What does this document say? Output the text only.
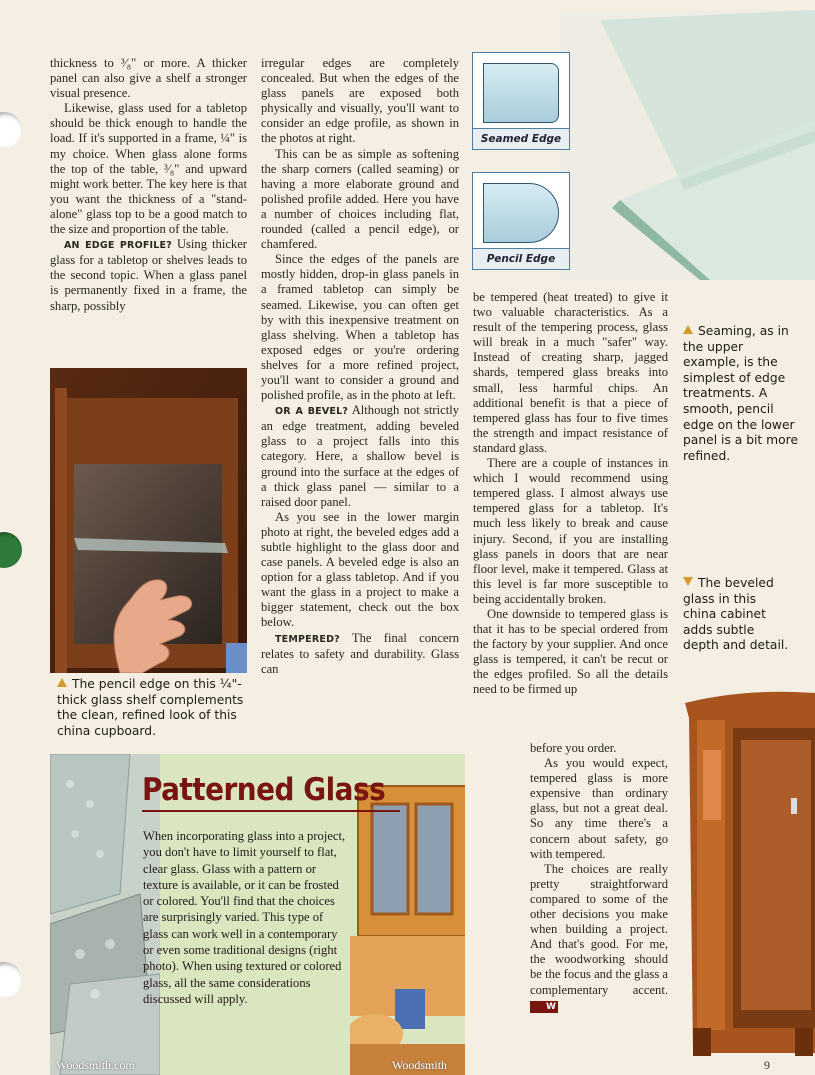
thickness to ³⁄₈" or more. A thicker panel can also give a shelf a stronger visual presence.

Likewise, glass used for a tabletop should be thick enough to handle the load. If it's supported in a frame, ¼" is my choice. When glass alone forms the top of the table, ³⁄₈" and upward might work better. The key here is that you want the thickness of a "stand-alone" glass top to be a good match to the size and proportion of the table.

AN EDGE PROFILE? Using thicker glass for a tabletop or shelves leads to the second topic. When a glass panel is permanently fixed in a frame, the sharp, possibly

The pencil edge on this ¼"-thick glass shelf complements the clean, refined look of this china cupboard.

irregular edges are completely concealed. But when the edges of the glass panels are exposed both physically and visually, you'll want to consider an edge profile, as shown in the photos at right.

This can be as simple as softening the sharp corners (called seaming) or having a more elaborate ground and polished profile added. Here you have a number of choices including flat, rounded (called a pencil edge), or chamfered.

Since the edges of the panels are mostly hidden, drop-in glass panels in a framed tabletop can simply be seamed. Likewise, you can often get by with this inexpensive treatment on glass shelving. When a tabletop has exposed edges or you're ordering shelves for a more refined project, you'll want to consider a ground and polished profile, as in the photo at left.

OR A BEVEL? Although not strictly an edge treatment, adding beveled glass to a project falls into this category. Here, a shallow bevel is ground into the surface at the edges of a thick glass panel — similar to a raised door panel.

As you see in the lower margin photo at right, the beveled edges add a subtle highlight to the glass door and case panels. A beveled edge is also an option for a glass tabletop. And if you want the glass in a project to make a bigger statement, check out the box below.

TEMPERED? The final concern relates to safety and durability. Glass can

Seamed Edge
Pencil Edge

be tempered (heat treated) to give it two valuable characteristics. As a result of the tempering process, glass will break in a much "safer" way. Instead of creating sharp, jagged shards, tempered glass breaks into small, less harmful chips. An additional benefit is that a piece of tempered glass has four to five times the strength and impact resistance of standard glass.

There are a couple of instances in which I would recommend using tempered glass. I almost always use tempered glass for a tabletop. It's much less likely to break and cause injury. Second, if you are installing glass panels in doors that are near floor level, make it tempered. Glass at this level is far more susceptible to being accidentally broken.

One downside to tempered glass is that it has to be special ordered from the factory by your supplier. And once glass is tempered, it can't be recut or the edges profiled. So all the details need to be firmed up

before you order.

As you would expect, tempered glass is more expensive than ordinary glass, but not a great deal. So any time there's a concern about safety, go with tempered.

The choices are really pretty straightforward compared to some of the other decisions you make when building a project. And that's good. For me, the woodworking should be the focus and the glass a complementary accent. W

Seaming, as in the upper example, is the simplest of edge treatments. A smooth, pencil edge on the lower panel is a bit more refined.
The beveled glass in this china cabinet adds subtle depth and detail.
Patterned Glass
When incorporating glass into a project, you don't have to limit yourself to flat, clear glass. Glass with a pattern or texture is available, or it can be frosted or colored. You'll find that the choices are surprisingly varied. This type of glass can work well in a contemporary or even some traditional designs (right photo). When using textured or colored glass, all the same considerations discussed will apply.
Woodsmith.com	Woodsmith	9
